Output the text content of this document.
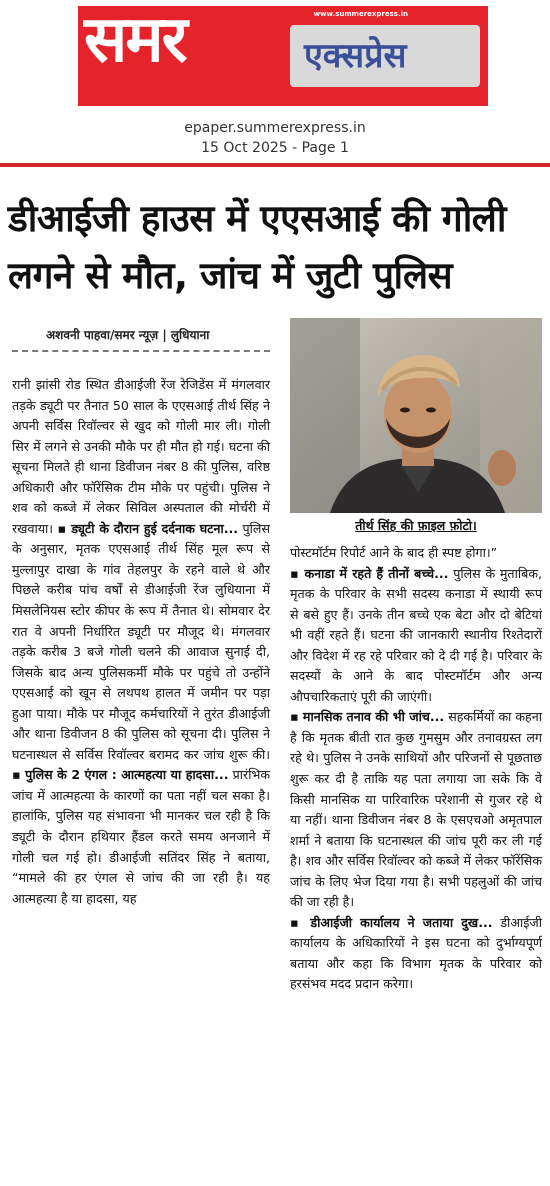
www.summerexpress.in
समर	एक्सप्रेस
epaper.summerexpress.in
15 Oct 2025 - Page 1
डीआईजी हाउस में एएसआई की गोली लगने से मौत, जांच में जुटी पुलिस
अशवनी पाहवा/समर न्यूज़ | लुधियाना
रानी झांसी रोड स्थित डीआईजी रेंज रेजिडेंस में मंगलवार तड़के ड्यूटी पर तैनात 50 साल के एएसआई तीर्थ सिंह ने अपनी सर्विस रिवॉल्वर से खुद को गोली मार ली। गोली सिर में लगने से उनकी मौके पर ही मौत हो गई। घटना की सूचना मिलते ही थाना डिवीजन नंबर 8 की पुलिस, वरिष्ठ अधिकारी और फॉरेंसिक टीम मौके पर पहुंची। पुलिस ने शव को कब्जे में लेकर सिविल अस्पताल की मोर्चरी में रखवाया। ▪ ड्यूटी के दौरान हुई दर्दनाक घटना... पुलिस के अनुसार, मृतक एएसआई तीर्थ सिंह मूल रूप से मुल्लापुर दाखा के गांव तेहलपुर के रहने वाले थे और पिछले करीब पांच वर्षों से डीआईजी रेंज लुधियाना में मिसलेनियस स्टोर कीपर के रूप में तैनात थे। सोमवार देर रात वे अपनी निर्धारित ड्यूटी पर मौजूद थे। मंगलवार तड़के करीब 3 बजे गोली चलने की आवाज सुनाई दी, जिसके बाद अन्य पुलिसकर्मी मौके पर पहुंचे तो उन्होंने एएसआई को खून से लथपथ हालत में जमीन पर पड़ा हुआ पाया। मौके पर मौजूद कर्मचारियों ने तुरंत डीआईजी और थाना डिवीजन 8 की पुलिस को सूचना दी। पुलिस ने घटनास्थल से सर्विस रिवॉल्वर बरामद कर जांच शुरू की। ▪ पुलिस के 2 एंगल : आत्महत्या या हादसा... प्रारंभिक जांच में आत्महत्या के कारणों का पता नहीं चल सका है। हालांकि, पुलिस यह संभावना भी मानकर चल रही है कि ड्यूटी के दौरान हथियार हैंडल करते समय अनजाने में गोली चल गई हो। डीआईजी सतिंदर सिंह ने बताया, “मामले की हर एंगल से जांच की जा रही है। यह आत्महत्या है या हादसा, यह
तीर्थ सिंह की फ़ाइल फ़ोटो।
पोस्टमॉर्टम रिपोर्ट आने के बाद ही स्पष्ट होगा।”
▪ कनाडा में रहते हैं तीनों बच्चे... पुलिस के मुताबिक, मृतक के परिवार के सभी सदस्य कनाडा में स्थायी रूप से बसे हुए हैं। उनके तीन बच्चे एक बेटा और दो बेटियां भी वहीं रहते हैं। घटना की जानकारी स्थानीय रिश्तेदारों और विदेश में रह रहे परिवार को दे दी गई है। परिवार के सदस्यों के आने के बाद पोस्टमॉर्टम और अन्य औपचारिकताएं पूरी की जाएंगी।
▪ मानसिक तनाव की भी जांच... सहकर्मियों का कहना है कि मृतक बीती रात कुछ गुमसुम और तनावग्रस्त लग रहे थे। पुलिस ने उनके साथियों और परिजनों से पूछताछ शुरू कर दी है ताकि यह पता लगाया जा सके कि वे किसी मानसिक या पारिवारिक परेशानी से गुजर रहे थे या नहीं। थाना डिवीजन नंबर 8 के एसएचओ अमृतपाल शर्मा ने बताया कि घटनास्थल की जांच पूरी कर ली गई है। शव और सर्विस रिवॉल्वर को कब्जे में लेकर फॉरेंसिक जांच के लिए भेज दिया गया है। सभी पहलुओं की जांच की जा रही है।
▪ डीआईजी कार्यालय ने जताया दुख... डीआईजी कार्यालय के अधिकारियों ने इस घटना को दुर्भाग्यपूर्ण बताया और कहा कि विभाग मृतक के परिवार को हरसंभव मदद प्रदान करेगा।
